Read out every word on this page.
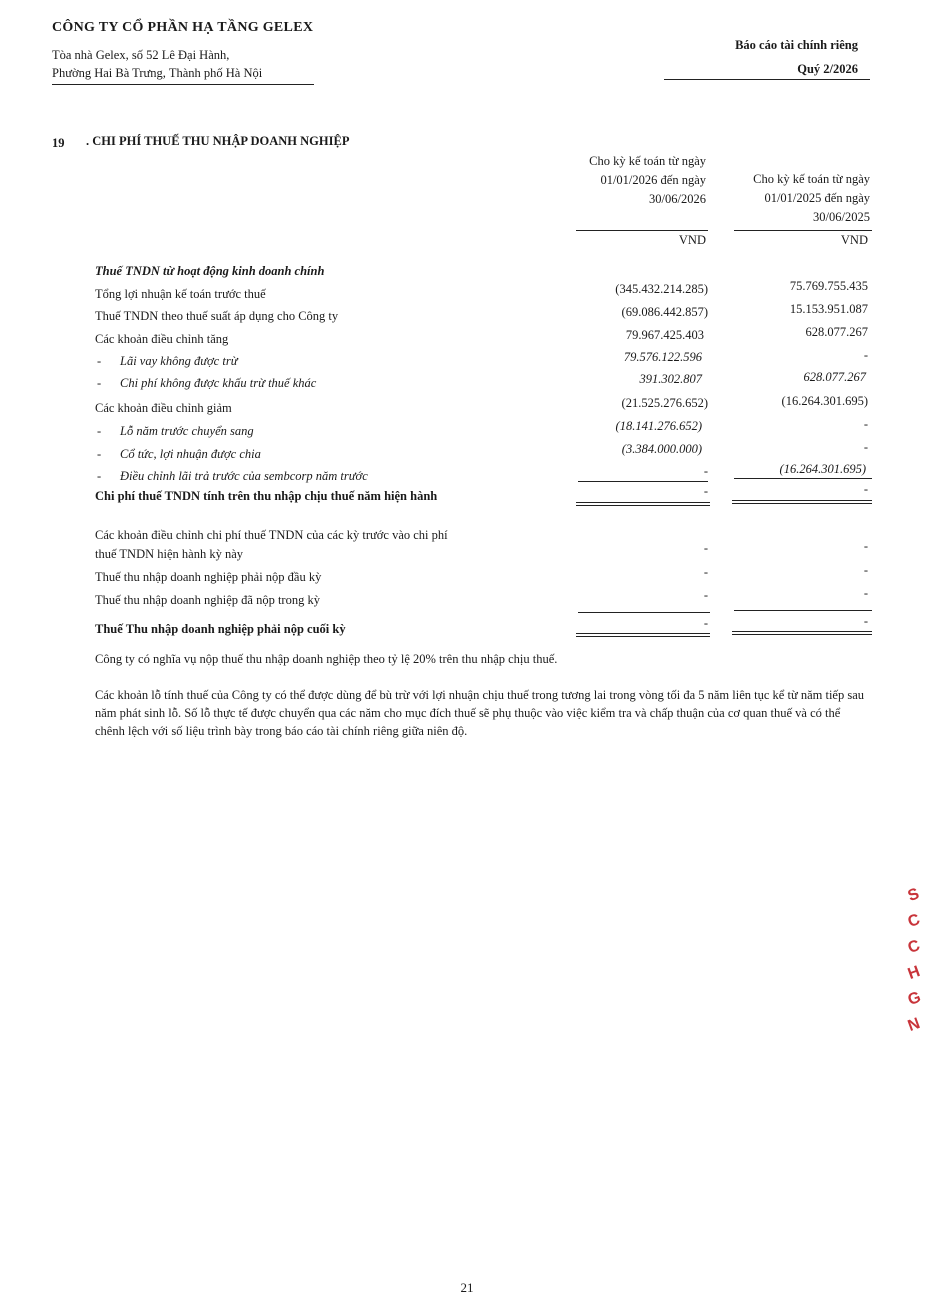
CÔNG TY CỔ PHẦN HẠ TẦNG GELEX
Tòa nhà Gelex, số 52 Lê Đại Hành,
Phường Hai Bà Trưng, Thành phố Hà Nội
Báo cáo tài chính riêng
Quý 2/2026
19 . CHI PHÍ THUẾ THU NHẬP DOANH NGHIỆP
Cho kỳ kế toán từ ngày 01/01/2026 đến ngày 30/06/2026
Cho kỳ kế toán từ ngày 01/01/2025 đến ngày 30/06/2025
VND	VND
Thuế TNDN từ hoạt động kinh doanh chính
Tổng lợi nhuận kế toán trước thuế	(345.432.214.285)	75.769.755.435
Thuế TNDN theo thuế suất áp dụng cho Công ty	(69.086.442.857)	15.153.951.087
Các khoản điều chỉnh tăng	79.967.425.403	628.077.267
- Lãi vay không được trừ	79.576.122.596	-
- Chi phí không được khấu trừ thuế khác	391.302.807	628.077.267
Các khoản điều chỉnh giảm	(21.525.276.652)	(16.264.301.695)
- Lỗ năm trước chuyển sang	(18.141.276.652)	-
- Cổ tức, lợi nhuận được chia	(3.384.000.000)	-
- Điều chỉnh lãi trả trước của sembcorp năm trước	-	(16.264.301.695)
Chi phí thuế TNDN tính trên thu nhập chịu thuế năm hiện hành	-	-
Các khoản điều chỉnh chi phí thuế TNDN của các kỳ trước vào chi phí
thuế TNDN hiện hành kỳ này	-	-
Thuế thu nhập doanh nghiệp phải nộp đầu kỳ	-	-
Thuế thu nhập doanh nghiệp đã nộp trong kỳ	-	-
Thuế Thu nhập doanh nghiệp phải nộp cuối kỳ	-	-
Công ty có nghĩa vụ nộp thuế thu nhập doanh nghiệp theo tỷ lệ 20% trên thu nhập chịu thuế.
Các khoản lỗ tính thuế của Công ty có thể được dùng để bù trừ với lợi nhuận chịu thuế trong tương lai trong vòng tối đa 5 năm liên tục kể từ năm tiếp sau năm phát sinh lỗ. Số lỗ thực tế được chuyển qua các năm cho mục đích thuế sẽ phụ thuộc vào việc kiểm tra và chấp thuận của cơ quan thuế và có thể chênh lệch với số liệu trình bày trong báo cáo tài chính riêng giữa niên độ.
21
S
C
C
H
G
N
